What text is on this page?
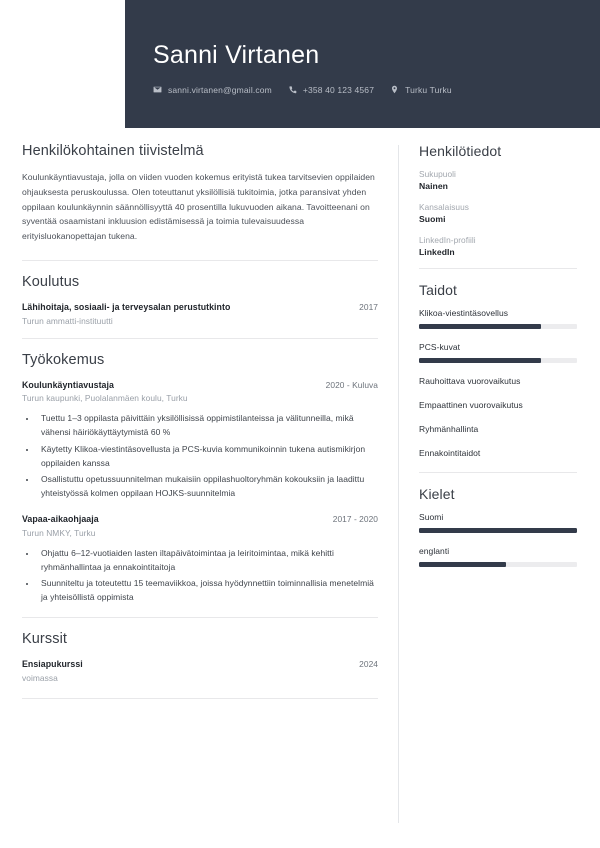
Sanni Virtanen
sanni.virtanen@gmail.com	+358 40 123 4567	Turku Turku
Henkilökohtainen tiivistelmä
Koulunkäyntiavustaja, jolla on viiden vuoden kokemus erityistä tukea tarvitsevien oppilaiden ohjauksesta peruskoulussa. Olen toteuttanut yksilöllisiä tukitoimia, jotka paransivat yhden oppilaan koulunkäynnin säännöllisyyttä 40 prosentilla lukuvuoden aikana. Tavoitteenani on syventää osaamistani inkluusion edistämisessä ja toimia tulevaisuudessa erityisluokanopettajan tukena.
Koulutus
Lähihoitaja, sosiaali- ja terveysalan perustutkinto	2017
Turun ammatti-instituutti
Työkokemus
Koulunkäyntiavustaja	2020 - Kuluva
Turun kaupunki, Puolalanmäen koulu, Turku
• Tuettu 1–3 oppilasta päivittäin yksilöllisissä oppimistilanteissa ja välitunneilla, mikä vähensi häiriökäyttäytymistä 60 %
• Käytetty Klikoa-viestintäsovellusta ja PCS-kuvia kommunikoinnin tukena autismikirjon oppilaiden kanssa
• Osallistuttu opetussuunnitelman mukaisiin oppilashuoltoryhmän kokouksiin ja laadittu yhteistyössä kolmen oppilaan HOJKS-suunnitelmia
Vapaa-aikaohjaaja	2017 - 2020
Turun NMKY, Turku
• Ohjattu 6–12-vuotiaiden lasten iltapäivätoimintaa ja leiritoimintaa, mikä kehitti ryhmänhallintaa ja ennakointitaitoja
• Suunniteltu ja toteutettu 15 teemaviikkoa, joissa hyödynnettiin toiminnallisia menetelmiä ja yhteisöllistä oppimista
Kurssit
Ensiapukurssi	2024
voimassa
Henkilötiedot
Sukupuoli
Nainen
Kansalaisuus
Suomi
LinkedIn-profiili
LinkedIn
Taidot
Klikoa-viestintäsovellus
PCS-kuvat
Rauhoittava vuorovaikutus
Empaattinen vuorovaikutus
Ryhmänhallinta
Ennakointitaidot
Kielet
Suomi
englanti
